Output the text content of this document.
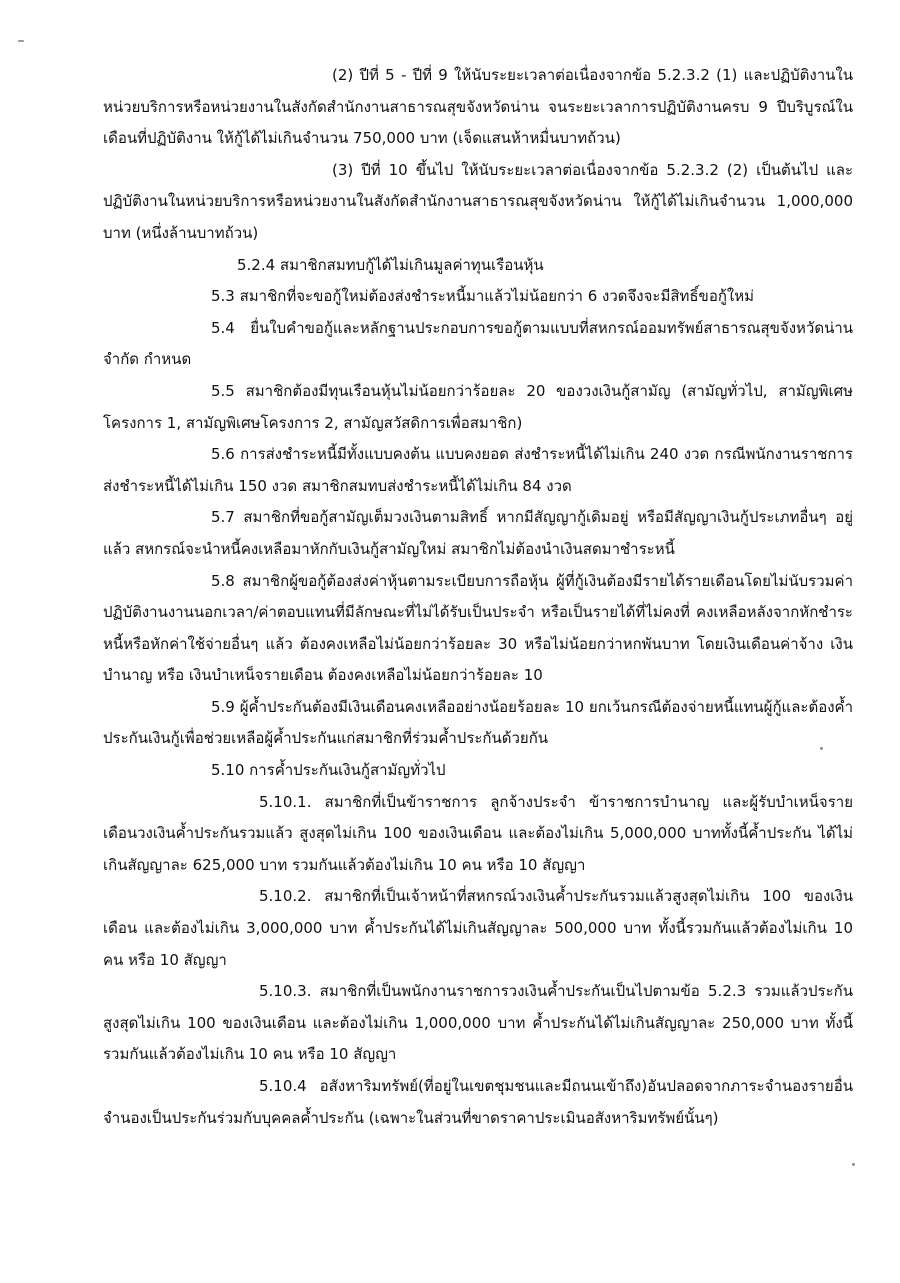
(2) ปีที่ 5 - ปีที่ 9 ให้นับระยะเวลาต่อเนื่องจากข้อ 5.2.3.2 (1) และปฏิบัติงานในหน่วยบริการหรือหน่วยงานในสังกัดสำนักงานสาธารณสุขจังหวัดน่าน จนระยะเวลาการปฏิบัติงานครบ 9 ปีบริบูรณ์ในเดือนที่ปฏิบัติงาน ให้กู้ได้ไม่เกินจำนวน 750,000 บาท (เจ็ดแสนห้าหมื่นบาทถ้วน)

(3) ปีที่ 10 ขึ้นไป ให้นับระยะเวลาต่อเนื่องจากข้อ 5.2.3.2 (2) เป็นต้นไป และปฏิบัติงานในหน่วยบริการหรือหน่วยงานในสังกัดสำนักงานสาธารณสุขจังหวัดน่าน ให้กู้ได้ไม่เกินจำนวน 1,000,000 บาท (หนึ่งล้านบาทถ้วน)

5.2.4 สมาชิกสมทบกู้ได้ไม่เกินมูลค่าทุนเรือนหุ้น

5.3 สมาชิกที่จะขอกู้ใหม่ต้องส่งชำระหนี้มาแล้วไม่น้อยกว่า 6 งวดจึงจะมีสิทธิ์ขอกู้ใหม่

5.4 ยื่นใบคำขอกู้และหลักฐานประกอบการขอกู้ตามแบบที่สหกรณ์ออมทรัพย์สาธารณสุขจังหวัดน่าน จำกัด กำหนด

5.5 สมาชิกต้องมีทุนเรือนหุ้นไม่น้อยกว่าร้อยละ 20 ของวงเงินกู้สามัญ (สามัญทั่วไป, สามัญพิเศษโครงการ 1, สามัญพิเศษโครงการ 2, สามัญสวัสดิการเพื่อสมาชิก)

5.6 การส่งชำระหนี้มีทั้งแบบคงต้น แบบคงยอด ส่งชำระหนี้ได้ไม่เกิน 240 งวด กรณีพนักงานราชการส่งชำระหนี้ได้ไม่เกิน 150 งวด สมาชิกสมทบส่งชำระหนี้ได้ไม่เกิน 84 งวด

5.7 สมาชิกที่ขอกู้สามัญเต็มวงเงินตามสิทธิ์ หากมีสัญญากู้เดิมอยู่ หรือมีสัญญาเงินกู้ประเภทอื่นๆ อยู่แล้ว สหกรณ์จะนำหนี้คงเหลือมาหักกับเงินกู้สามัญใหม่ สมาชิกไม่ต้องนำเงินสดมาชำระหนี้

5.8 สมาชิกผู้ขอกู้ต้องส่งค่าหุ้นตามระเบียบการถือหุ้น ผู้ที่กู้เงินต้องมีรายได้รายเดือนโดยไม่นับรวมค่าปฏิบัติงานงานนอกเวลา/ค่าตอบแทนที่มีลักษณะที่ไม่ได้รับเป็นประจำ หรือเป็นรายได้ที่ไม่คงที่ คงเหลือหลังจากหักชำระหนี้หรือหักค่าใช้จ่ายอื่นๆ แล้ว ต้องคงเหลือไม่น้อยกว่าร้อยละ 30 หรือไม่น้อยกว่าหกพันบาท โดยเงินเดือนค่าจ้าง เงินบำนาญ หรือ เงินบำเหน็จรายเดือน ต้องคงเหลือไม่น้อยกว่าร้อยละ 10

5.9 ผู้ค้ำประกันต้องมีเงินเดือนคงเหลืออย่างน้อยร้อยละ 10 ยกเว้นกรณีต้องจ่ายหนี้แทนผู้กู้และต้องค้ำประกันเงินกู้เพื่อช่วยเหลือผู้ค้ำประกันแก่สมาชิกที่ร่วมค้ำประกันด้วยกัน

5.10 การค้ำประกันเงินกู้สามัญทั่วไป

5.10.1. สมาชิกที่เป็นข้าราชการ ลูกจ้างประจำ ข้าราชการบำนาญ และผู้รับบำเหน็จรายเดือนวงเงินค้ำประกันรวมแล้ว สูงสุดไม่เกิน 100 ของเงินเดือน และต้องไม่เกิน 5,000,000 บาททั้งนี้ค้ำประกัน ได้ไม่เกินสัญญาละ 625,000 บาท รวมกันแล้วต้องไม่เกิน 10 คน หรือ 10 สัญญา

5.10.2. สมาชิกที่เป็นเจ้าหน้าที่สหกรณ์วงเงินค้ำประกันรวมแล้วสูงสุดไม่เกิน 100 ของเงินเดือน และต้องไม่เกิน 3,000,000 บาท ค้ำประกันได้ไม่เกินสัญญาละ 500,000 บาท ทั้งนี้รวมกันแล้วต้องไม่เกิน 10 คน หรือ 10 สัญญา

5.10.3. สมาชิกที่เป็นพนักงานราชการวงเงินค้ำประกันเป็นไปตามข้อ 5.2.3 รวมแล้วประกันสูงสุดไม่เกิน 100 ของเงินเดือน และต้องไม่เกิน 1,000,000 บาท ค้ำประกันได้ไม่เกินสัญญาละ 250,000 บาท ทั้งนี้รวมกันแล้วต้องไม่เกิน 10 คน หรือ 10 สัญญา

5.10.4 อสังหาริมทรัพย์(ที่อยู่ในเขตชุมชนและมีถนนเข้าถึง)อันปลอดจากภาระจำนองรายอื่นจำนองเป็นประกันร่วมกับบุคคลค้ำประกัน (เฉพาะในส่วนที่ขาดราคาประเมินอสังหาริมทรัพย์นั้นๆ)
